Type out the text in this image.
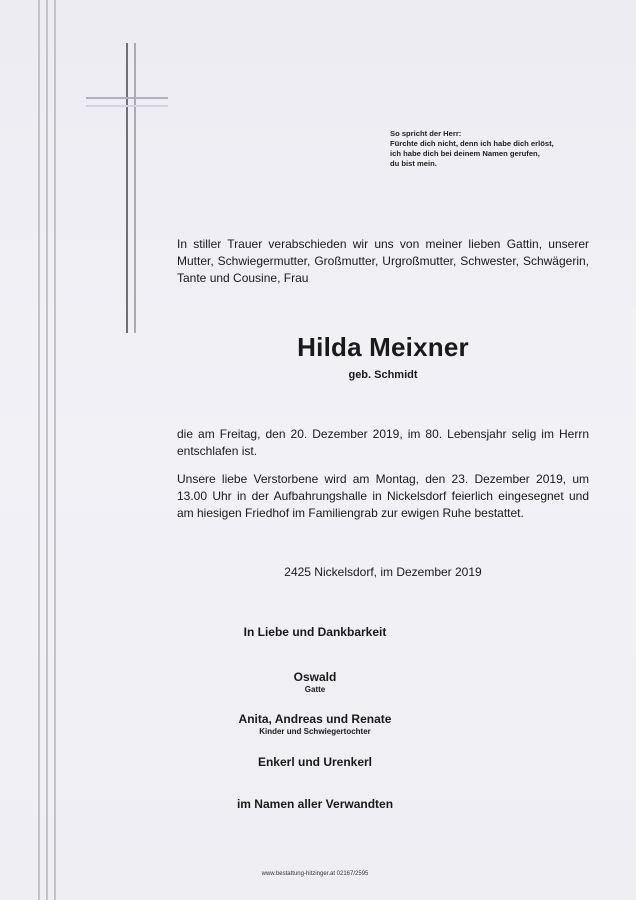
So spricht der Herr:
Fürchte dich nicht, denn ich habe dich erlöst,
ich habe dich bei deinem Namen gerufen,
du bist mein.
In stiller Trauer verabschieden wir uns von meiner lieben Gattin, unserer Mutter, Schwiegermutter, Großmutter, Urgroßmutter, Schwester, Schwägerin, Tante und Cousine, Frau
Hilda Meixner
geb. Schmidt
die am Freitag, den 20. Dezember 2019, im 80. Lebensjahr selig im Herrn entschlafen ist.
Unsere liebe Verstorbene wird am Montag, den 23. Dezember 2019, um 13.00 Uhr in der Aufbahrungshalle in Nickelsdorf feierlich eingesegnet und am hiesigen Friedhof im Familiengrab zur ewigen Ruhe bestattet.
2425 Nickelsdorf, im Dezember 2019
In Liebe und Dankbarkeit
Oswald
Gatte
Anita, Andreas und Renate
Kinder und Schwiegertochter
Enkerl und Urenkerl
im Namen aller Verwandten
www.bestattung-hitzinger.at 02167/2595
